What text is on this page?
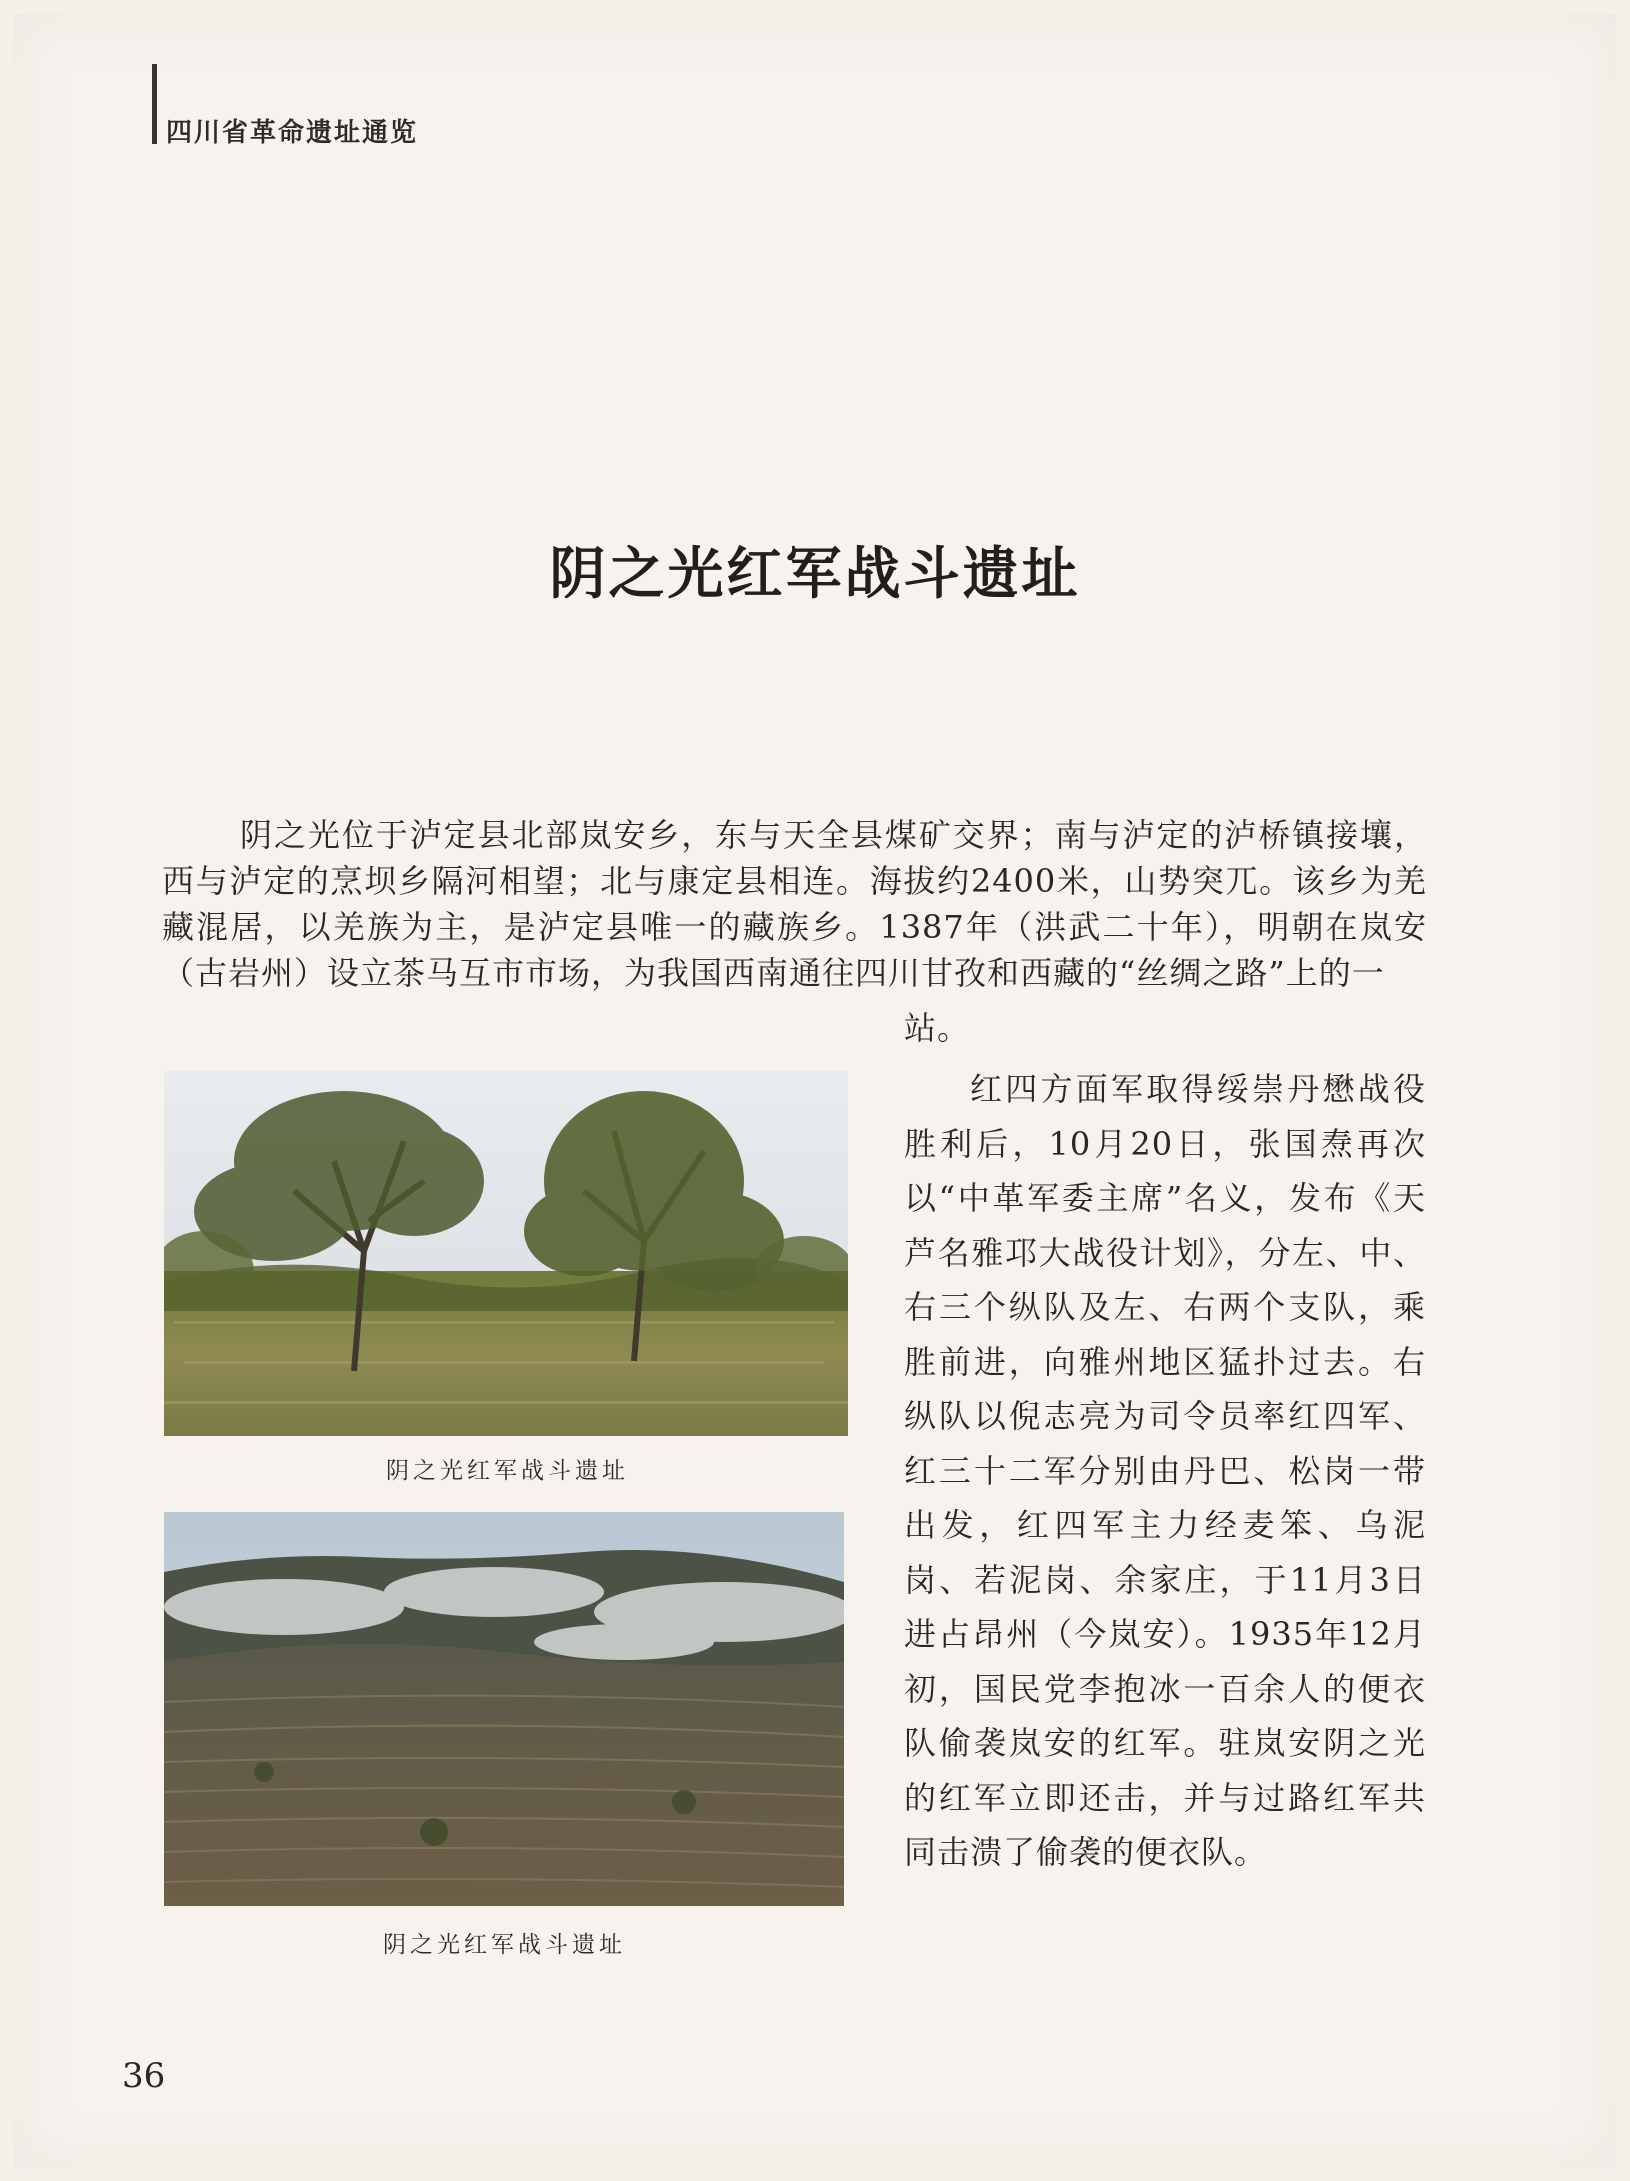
四川省革命遗址通览
阴之光红军战斗遗址

阴之光位于泸定县北部岚安乡，东与天全县煤矿交界；南与泸定的泸桥镇接壤，西与泸定的烹坝乡隔河相望；北与康定县相连。海拔约2400米，山势突兀。该乡为羌藏混居，以羌族为主，是泸定县唯一的藏族乡。1387年（洪武二十年），明朝在岚安（古岩州）设立茶马互市市场，为我国西南通往四川甘孜和西藏的“丝绸之路”上的一

站。
阴之光红军战斗遗址
阴之光红军战斗遗址

红四方面军取得绥崇丹懋战役胜利后，10月20日，张国焘再次以“中革军委主席”名义，发布《天芦名雅邛大战役计划》，分左、中、右三个纵队及左、右两个支队，乘胜前进，向雅州地区猛扑过去。右纵队以倪志亮为司令员率红四军、红三十二军分别由丹巴、松岗一带出发，红四军主力经麦笨、乌泥岗、若泥岗、余家庄，于11月3日进占昂州（今岚安）。1935年12月初，国民党李抱冰一百余人的便衣队偷袭岚安的红军。驻岚安阴之光的红军立即还击，并与过路红军共同击溃了偷袭的便衣队。

36
